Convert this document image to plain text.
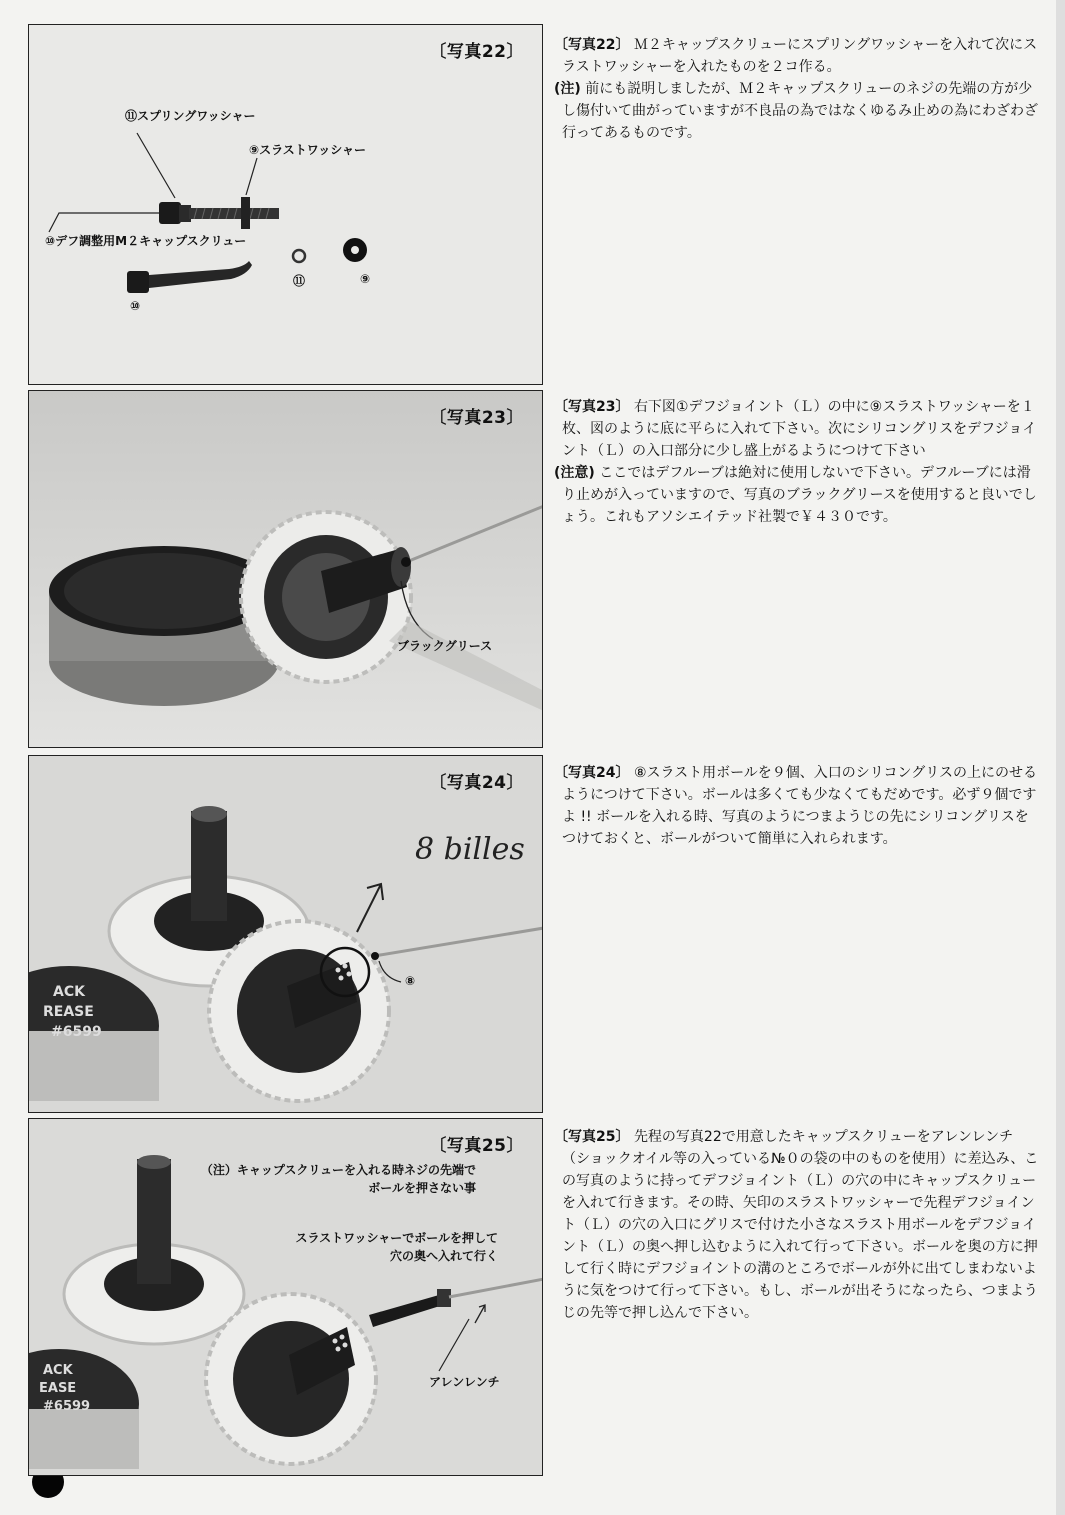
〔写真22〕
⑪スプリングワッシャー
⑨スラストワッシャー
⑩デフ調整用M２キャップスクリュー
⑪	⑨
⑩
〔写真23〕
ブラックグリース
〔写真24〕
8 billes
⑧
ACK
REASE
#6599
〔写真25〕
（注）キャップスクリューを入れる時ネジの先端で
ボールを押さない事
スラストワッシャーでボールを押して
穴の奥へ入れて行く
アレンレンチ
ACK
EASE
#6599

〔写真22〕 Ｍ２キャップスクリューにスプリングワッシャーを入れて次にスラストワッシャーを入れたものを２コ作る。

(注) 前にも説明しましたが、Ｍ２キャップスクリューのネジの先端の方が少し傷付いて曲がっていますが不良品の為ではなくゆるみ止めの為にわざわざ行ってあるものです。

〔写真23〕 右下図①デフジョイント（Ｌ）の中に⑨スラストワッシャーを１枚、図のように底に平らに入れて下さい。次にシリコングリスをデフジョイント（Ｌ）の入口部分に少し盛上がるようにつけて下さい

(注意) ここではデフルーブは絶対に使用しないで下さい。デフルーブには滑り止めが入っていますので、写真のブラックグリースを使用すると良いでしょう。これもアソシエイテッド社製で￥４３０です。

〔写真24〕 ⑧スラスト用ボールを９個、入口のシリコングリスの上にのせるようにつけて下さい。ボールは多くても少なくてもだめです。必ず９個ですよ !! ボールを入れる時、写真のようにつまようじの先にシリコングリスをつけておくと、ボールがついて簡単に入れられます。

〔写真25〕 先程の写真22で用意したキャップスクリューをアレンレンチ（ショックオイル等の入っている№０の袋の中のものを使用）に差込み、この写真のように持ってデフジョイント（Ｌ）の穴の中にキャップスクリューを入れて行きます。その時、矢印のスラストワッシャーで先程デフジョイント（Ｌ）の穴の入口にグリスで付けた小さなスラスト用ボールをデフジョイント（Ｌ）の奥へ押し込むように入れて行って下さい。ボールを奥の方に押して行く時にデフジョイントの溝のところでボールが外に出てしまわないように気をつけて行って下さい。もし、ボールが出そうになったら、つまようじの先等で押し込んで下さい。
